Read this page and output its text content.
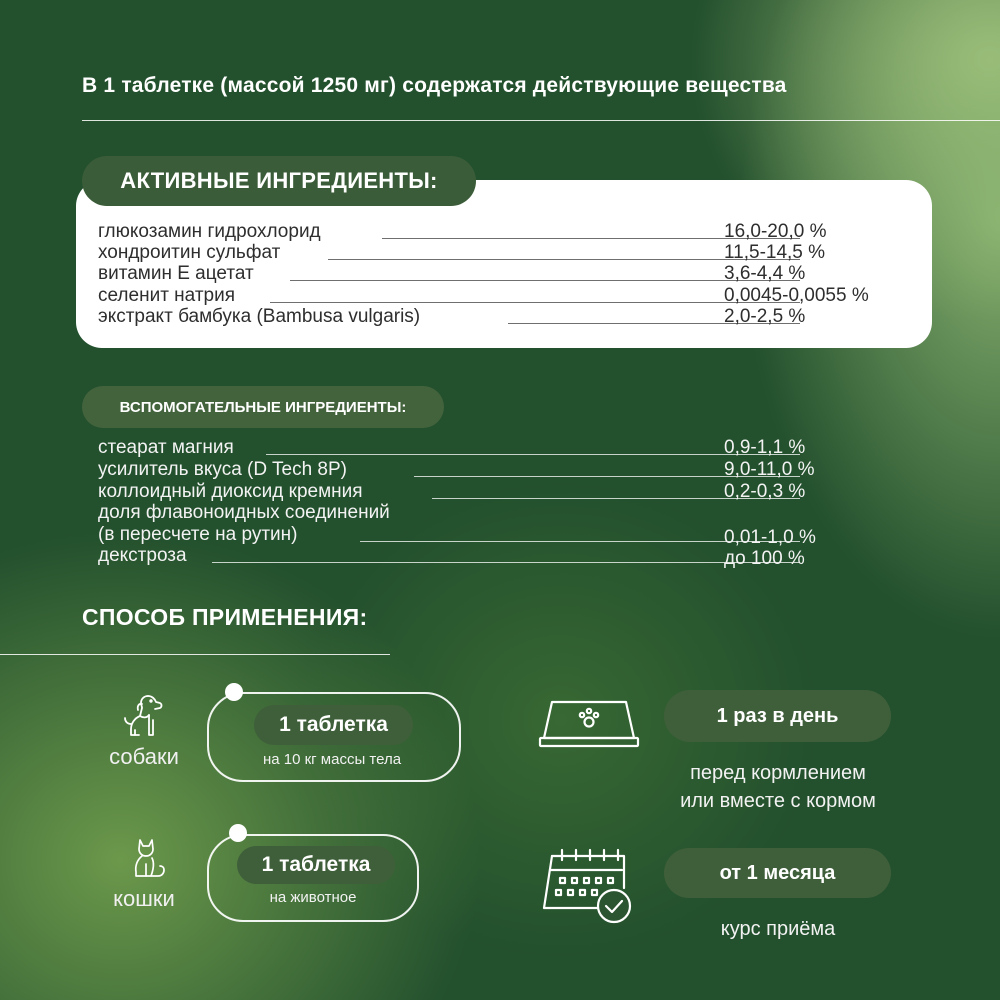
В 1 таблетке (массой 1250 мг) содержатся действующие вещества
АКТИВНЫЕ ИНГРЕДИЕНТЫ:
глюкозамин гидрохлорид	16,0-20,0 %
хондроитин сульфат	11,5-14,5 %
витамин Е ацетат	3,6-4,4 %
селенит натрия	0,0045-0,0055 %
экстракт бамбука (Bambusa vulgaris)	2,0-2,5 %
ВСПОМОГАТЕЛЬНЫЕ ИНГРЕДИЕНТЫ:
стеарат магния	0,9-1,1 %
усилитель вкуса (D Tech 8P)	9,0-11,0 %
коллоидный диоксид кремния	0,2-0,3 %
доля флавоноидных соединений
(в пересчете на рутин)	0,01-1,0 %
декстроза	до 100 %
СПОСОБ ПРИМЕНЕНИЯ:
собаки
1 таблетка
на 10 кг массы тела
кошки
1 таблетка
на животное
1 раз в день
перед кормлением
или вместе с кормом
от 1 месяца
курс приёма
